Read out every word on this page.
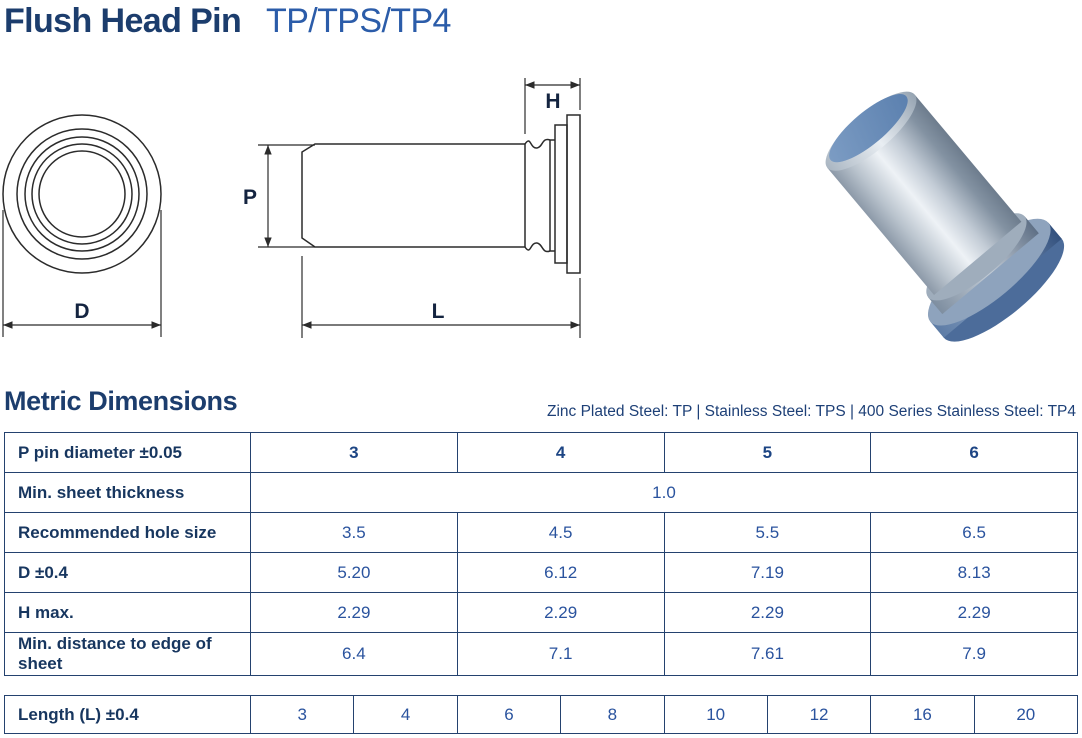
Flush Head Pin TP/TPS/TP4
D
P
H
L
Metric Dimensions	Zinc Plated Steel: TP | Stainless Steel: TPS | 400 Series Stainless Steel: TP4
P pin diameter ±0.05	3	4	5	6
Min. sheet thickness	1.0			
Recommended hole size	3.5	4.5	5.5	6.5
D ±0.4	5.20	6.12	7.19	8.13
H max.	2.29	2.29	2.29	2.29
Min. distance to edge of sheet	6.4	7.1	7.61	7.9
Length (L) ±0.4	3	4	6	8	10	12	16	20
